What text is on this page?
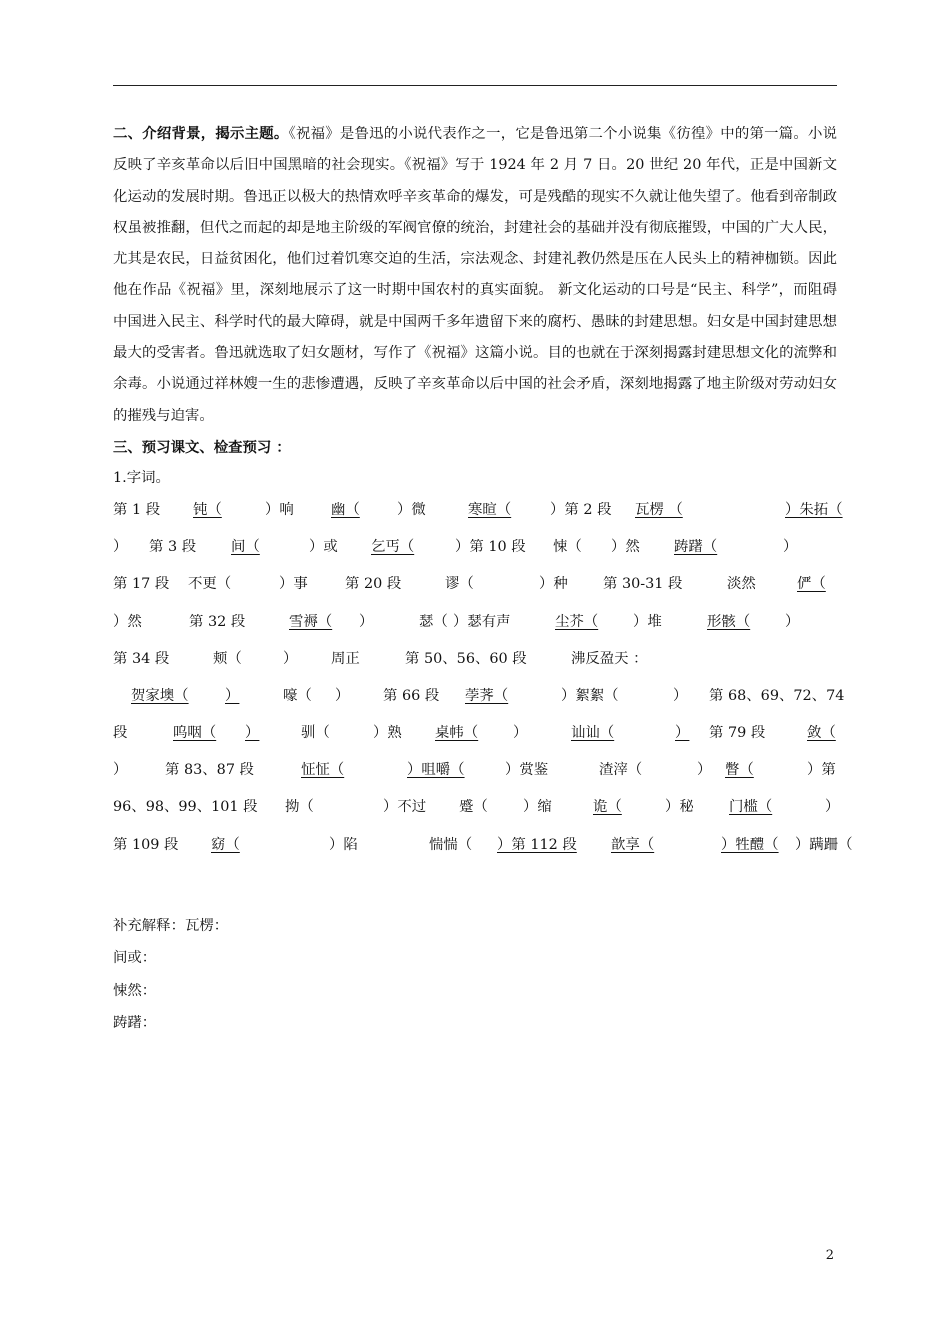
二、介绍背景，揭示主题。《祝福》是鲁迅的小说代表作之一，它是鲁迅第二个小说集《彷徨》中的第一篇。小说反映了辛亥革命以后旧中国黑暗的社会现实。《祝福》写于 1924 年 2 月 7 日。20 世纪 20 年代，正是中国新文化运动的发展时期。鲁迅正以极大的热情欢呼辛亥革命的爆发，可是残酷的现实不久就让他失望了。他看到帝制政权虽被推翻，但代之而起的却是地主阶级的军阀官僚的统治，封建社会的基础并没有彻底摧毁，中国的广大人民，尤其是农民，日益贫困化，他们过着饥寒交迫的生活，宗法观念、封建礼教仍然是压在人民头上的精神枷锁。因此他在作品《祝福》里，深刻地展示了这一时期中国农村的真实面貌。 新文化运动的口号是“民主、科学”，而阻碍中国进入民主、科学时代的最大障碍，就是中国两千多年遗留下来的腐朽、愚昧的封建思想。妇女是中国封建思想最大的受害者。鲁迅就选取了妇女题材，写作了《祝福》这篇小说。目的也就在于深刻揭露封建思想文化的流弊和余毒。小说通过祥林嫂一生的悲惨遭遇，反映了辛亥革命以后中国的社会矛盾，深刻地揭露了地主阶级对劳动妇女的摧残与迫害。

三、预习课文、检查预习 ：

1.字词。
第 1 段 钝（	）响	幽（	）微	寒暄（	）第 2 段 瓦楞 （	）朱拓（
） 第 3 段 间（	）或 乞丐（	）第 10 段 悚（ ）然 踌躇（	）
第 17 段 不更（	）事	第 20 段	谬（	）种 第 30-31 段	淡然	俨（
）然	第 32 段	雪褥（ ）	瑟（ ）瑟有声	尘芥（ ）堆	形骸（ ）
第 34 段	颊（	） 周正	第 50、56、60 段	沸反盈天 ：
贺家墺（	）	嚎（ ） 第 66 段 荸荠（	）絮絮（	） 第 68、69、72、74
段	呜咽（ ）	驯（	）熟 桌帏（ ）	讪讪（	） 第 79 段	敛（
）	第 83、87 段	怔怔（	）咀嚼（	）赏鉴	渣滓（	） 瞥（	）第
96、98、99、101 段 拗（	）不过 蹙（ ）缩	诡（	）秘 门槛（	）
第 109 段 窈（	）陷	惴惴（ ）第 112 段 歆享（	）牲醴（ ）蹒跚（
补充解释：瓦楞：
间或：
悚然：
踌躇：
2
